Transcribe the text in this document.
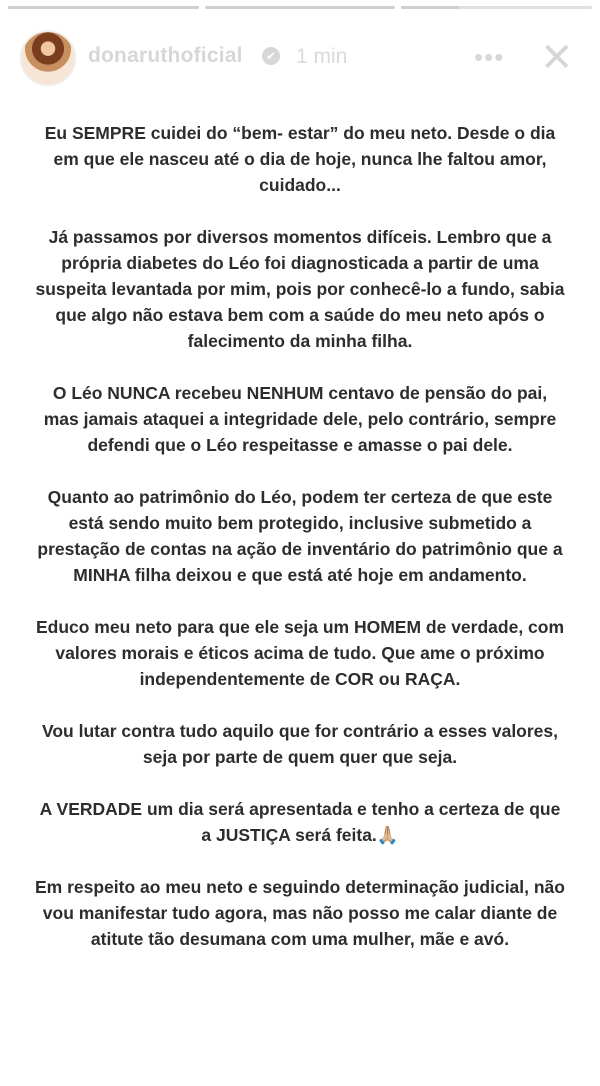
donaruthoficial	✔ 1 min	••• ✕

Eu SEMPRE cuidei do “bem- estar” do meu neto. Desde o dia em que ele nasceu até o dia de hoje, nunca lhe faltou amor, cuidado...

Já passamos por diversos momentos difíceis. Lembro que a própria diabetes do Léo foi diagnosticada a partir de uma suspeita levantada por mim, pois por conhecê-lo a fundo, sabia que algo não estava bem com a saúde do meu neto após o falecimento da minha filha.

O Léo NUNCA recebeu NENHUM centavo de pensão do pai, mas jamais ataquei a integridade dele, pelo contrário, sempre defendi que o Léo respeitasse e amasse o pai dele.

Quanto ao patrimônio do Léo, podem ter certeza de que este está sendo muito bem protegido, inclusive submetido a prestação de contas na ação de inventário do patrimônio que a MINHA filha deixou e que está até hoje em andamento.

Educo meu neto para que ele seja um HOMEM de verdade, com valores morais e éticos acima de tudo. Que ame o próximo independentemente de COR ou RAÇA.

Vou lutar contra tudo aquilo que for contrário a esses valores, seja por parte de quem quer que seja.

A VERDADE um dia será apresentada e tenho a certeza de que a JUSTIÇA será feita.🙏🏼

Em respeito ao meu neto e seguindo determinação judicial, não vou manifestar tudo agora, mas não posso me calar diante de atitute tão desumana com uma mulher, mãe e avó.
